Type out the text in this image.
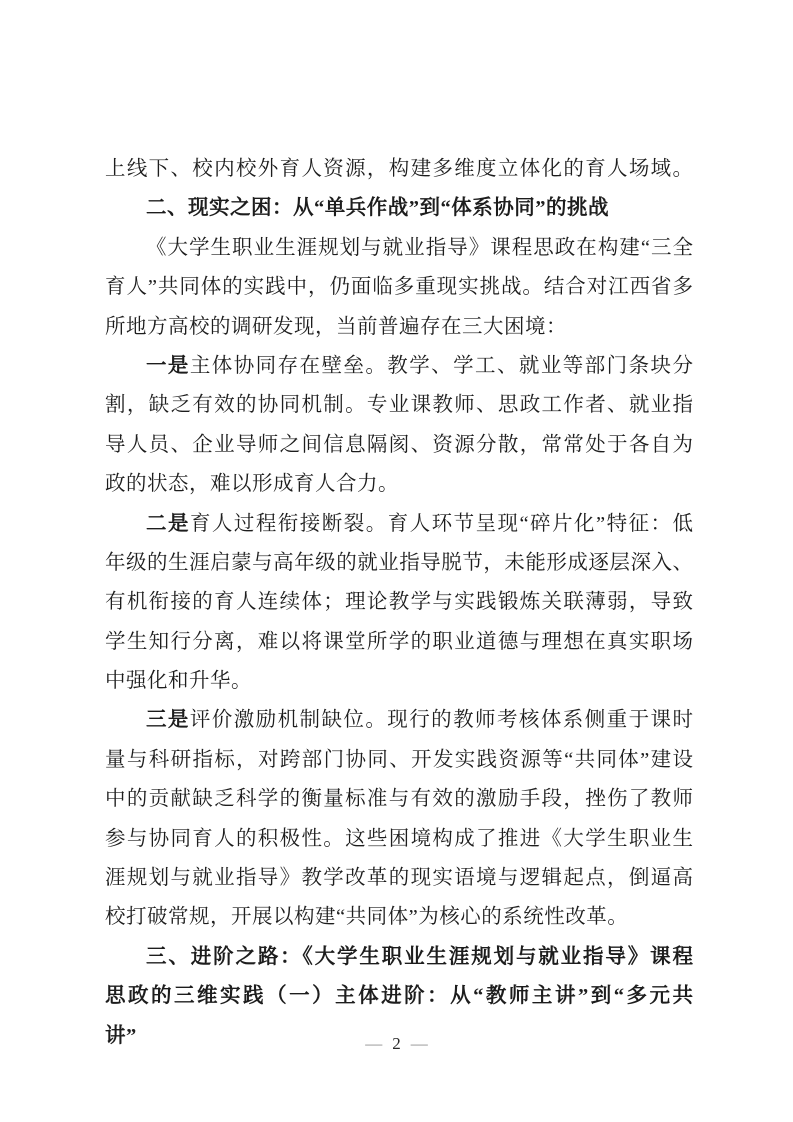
上线下、校内校外育人资源，构建多维度立体化的育人场域。
二、现实之困：从“单兵作战”到“体系协同”的挑战
《大学生职业生涯规划与就业指导》课程思政在构建“三全
育人”共同体的实践中，仍面临多重现实挑战。结合对江西省多
所地方高校的调研发现，当前普遍存在三大困境：
一是主体协同存在壁垒。教学、学工、就业等部门条块分
割，缺乏有效的协同机制。专业课教师、思政工作者、就业指
导人员、企业导师之间信息隔阂、资源分散，常常处于各自为
政的状态，难以形成育人合力。
二是育人过程衔接断裂。育人环节呈现“碎片化”特征：低
年级的生涯启蒙与高年级的就业指导脱节，未能形成逐层深入、
有机衔接的育人连续体；理论教学与实践锻炼关联薄弱，导致
学生知行分离，难以将课堂所学的职业道德与理想在真实职场
中强化和升华。
三是评价激励机制缺位。现行的教师考核体系侧重于课时
量与科研指标，对跨部门协同、开发实践资源等“共同体”建设
中的贡献缺乏科学的衡量标准与有效的激励手段，挫伤了教师
参与协同育人的积极性。这些困境构成了推进《大学生职业生
涯规划与就业指导》教学改革的现实语境与逻辑起点，倒逼高
校打破常规，开展以构建“共同体”为核心的系统性改革。
三、进阶之路：《大学生职业生涯规划与就业指导》课程
思政的三维实践（一）主体进阶：从“教师主讲”到“多元共
讲”	— 2 —
